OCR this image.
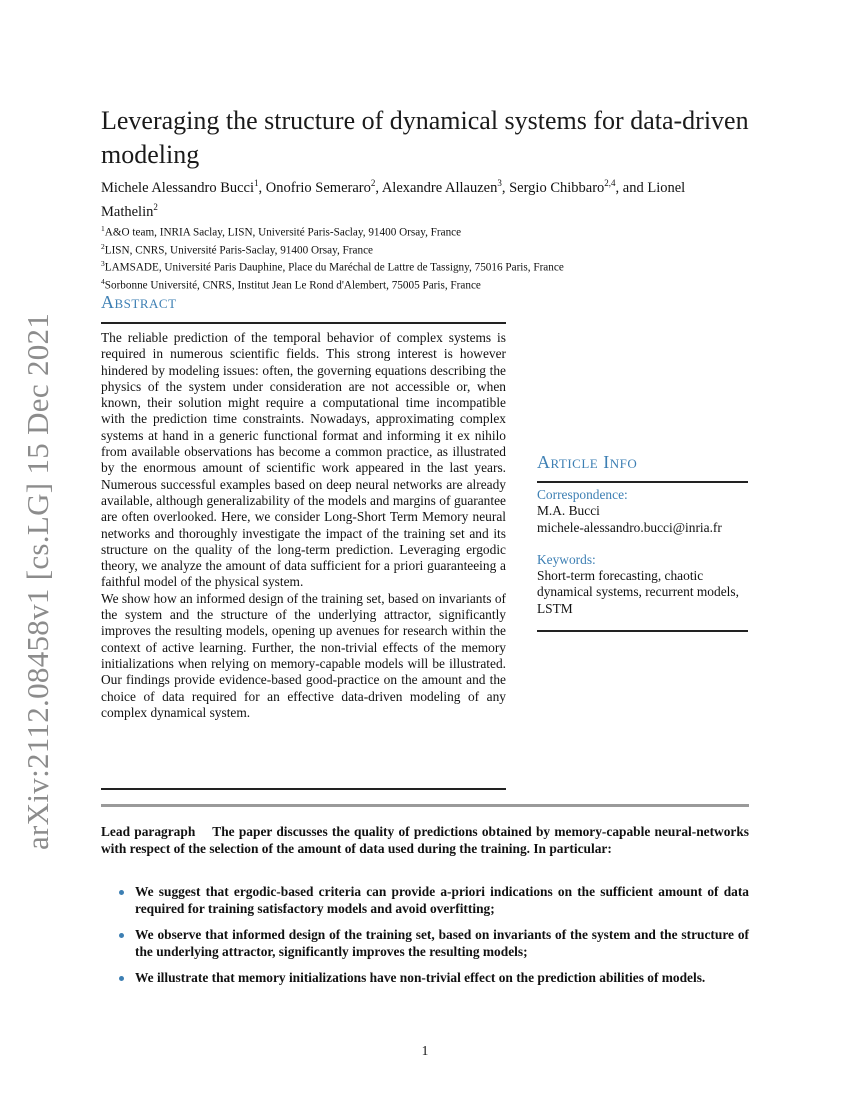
arXiv:2112.08458v1 [cs.LG] 15 Dec 2021
Leveraging the structure of dynamical systems for data-driven modeling
Michele Alessandro Bucci$^1$, Onofrio Semeraro$^2$, Alexandre Allauzen$^3$, Sergio Chibbaro$^{2,4}$, and Lionel Mathelin$^2$
$^1$A&O team, INRIA Saclay, LISN, Université Paris-Saclay, 91400 Orsay, France
$^2$LISN, CNRS, Université Paris-Saclay, 91400 Orsay, France
$^3$LAMSADE, Université Paris Dauphine, Place du Maréchal de Lattre de Tassigny, 75016 Paris, France
$^4$Sorbonne Université, CNRS, Institut Jean Le Rond d'Alembert, 75005 Paris, France
Abstract

The reliable prediction of the temporal behavior of complex systems is required in numerous scientific fields. This strong interest is however hindered by modeling issues: often, the governing equations describing the physics of the system under consideration are not accessible or, when known, their solution might require a computational time incompatible with the prediction time constraints. Nowadays, approximating complex systems at hand in a generic functional format and informing it ex nihilo from available observations has become a common practice, as illustrated by the enormous amount of scientific work appeared in the last years. Numerous successful examples based on deep neural networks are already available, although generalizability of the models and margins of guarantee are often overlooked. Here, we consider Long-Short Term Memory neural networks and thoroughly investigate the impact of the training set and its structure on the quality of the long-term prediction. Leveraging ergodic theory, we analyze the amount of data sufficient for a priori guaranteeing a faithful model of the physical system.

We show how an informed design of the training set, based on invariants of the system and the structure of the underlying attractor, significantly improves the resulting models, opening up avenues for research within the context of active learning. Further, the non-trivial effects of the memory initializations when relying on memory-capable models will be illustrated. Our findings provide evidence-based good-practice on the amount and the choice of data required for an effective data-driven modeling of any complex dynamical system.

Article Info
Correspondence:
M.A. Bucci
michele-alessandro.bucci@inria.fr
Keywords:
Short-term forecasting, chaotic dynamical systems, recurrent models, LSTM
Lead paragraph The paper discusses the quality of predictions obtained by memory-capable neural-networks with respect of the selection of the amount of data used during the training. In particular:
We suggest that ergodic-based criteria can provide a-priori indications on the sufficient amount of data required for training satisfactory models and avoid overfitting;
We observe that informed design of the training set, based on invariants of the system and the structure of the underlying attractor, significantly improves the resulting models;
We illustrate that memory initializations have non-trivial effect on the prediction abilities of models.
1
